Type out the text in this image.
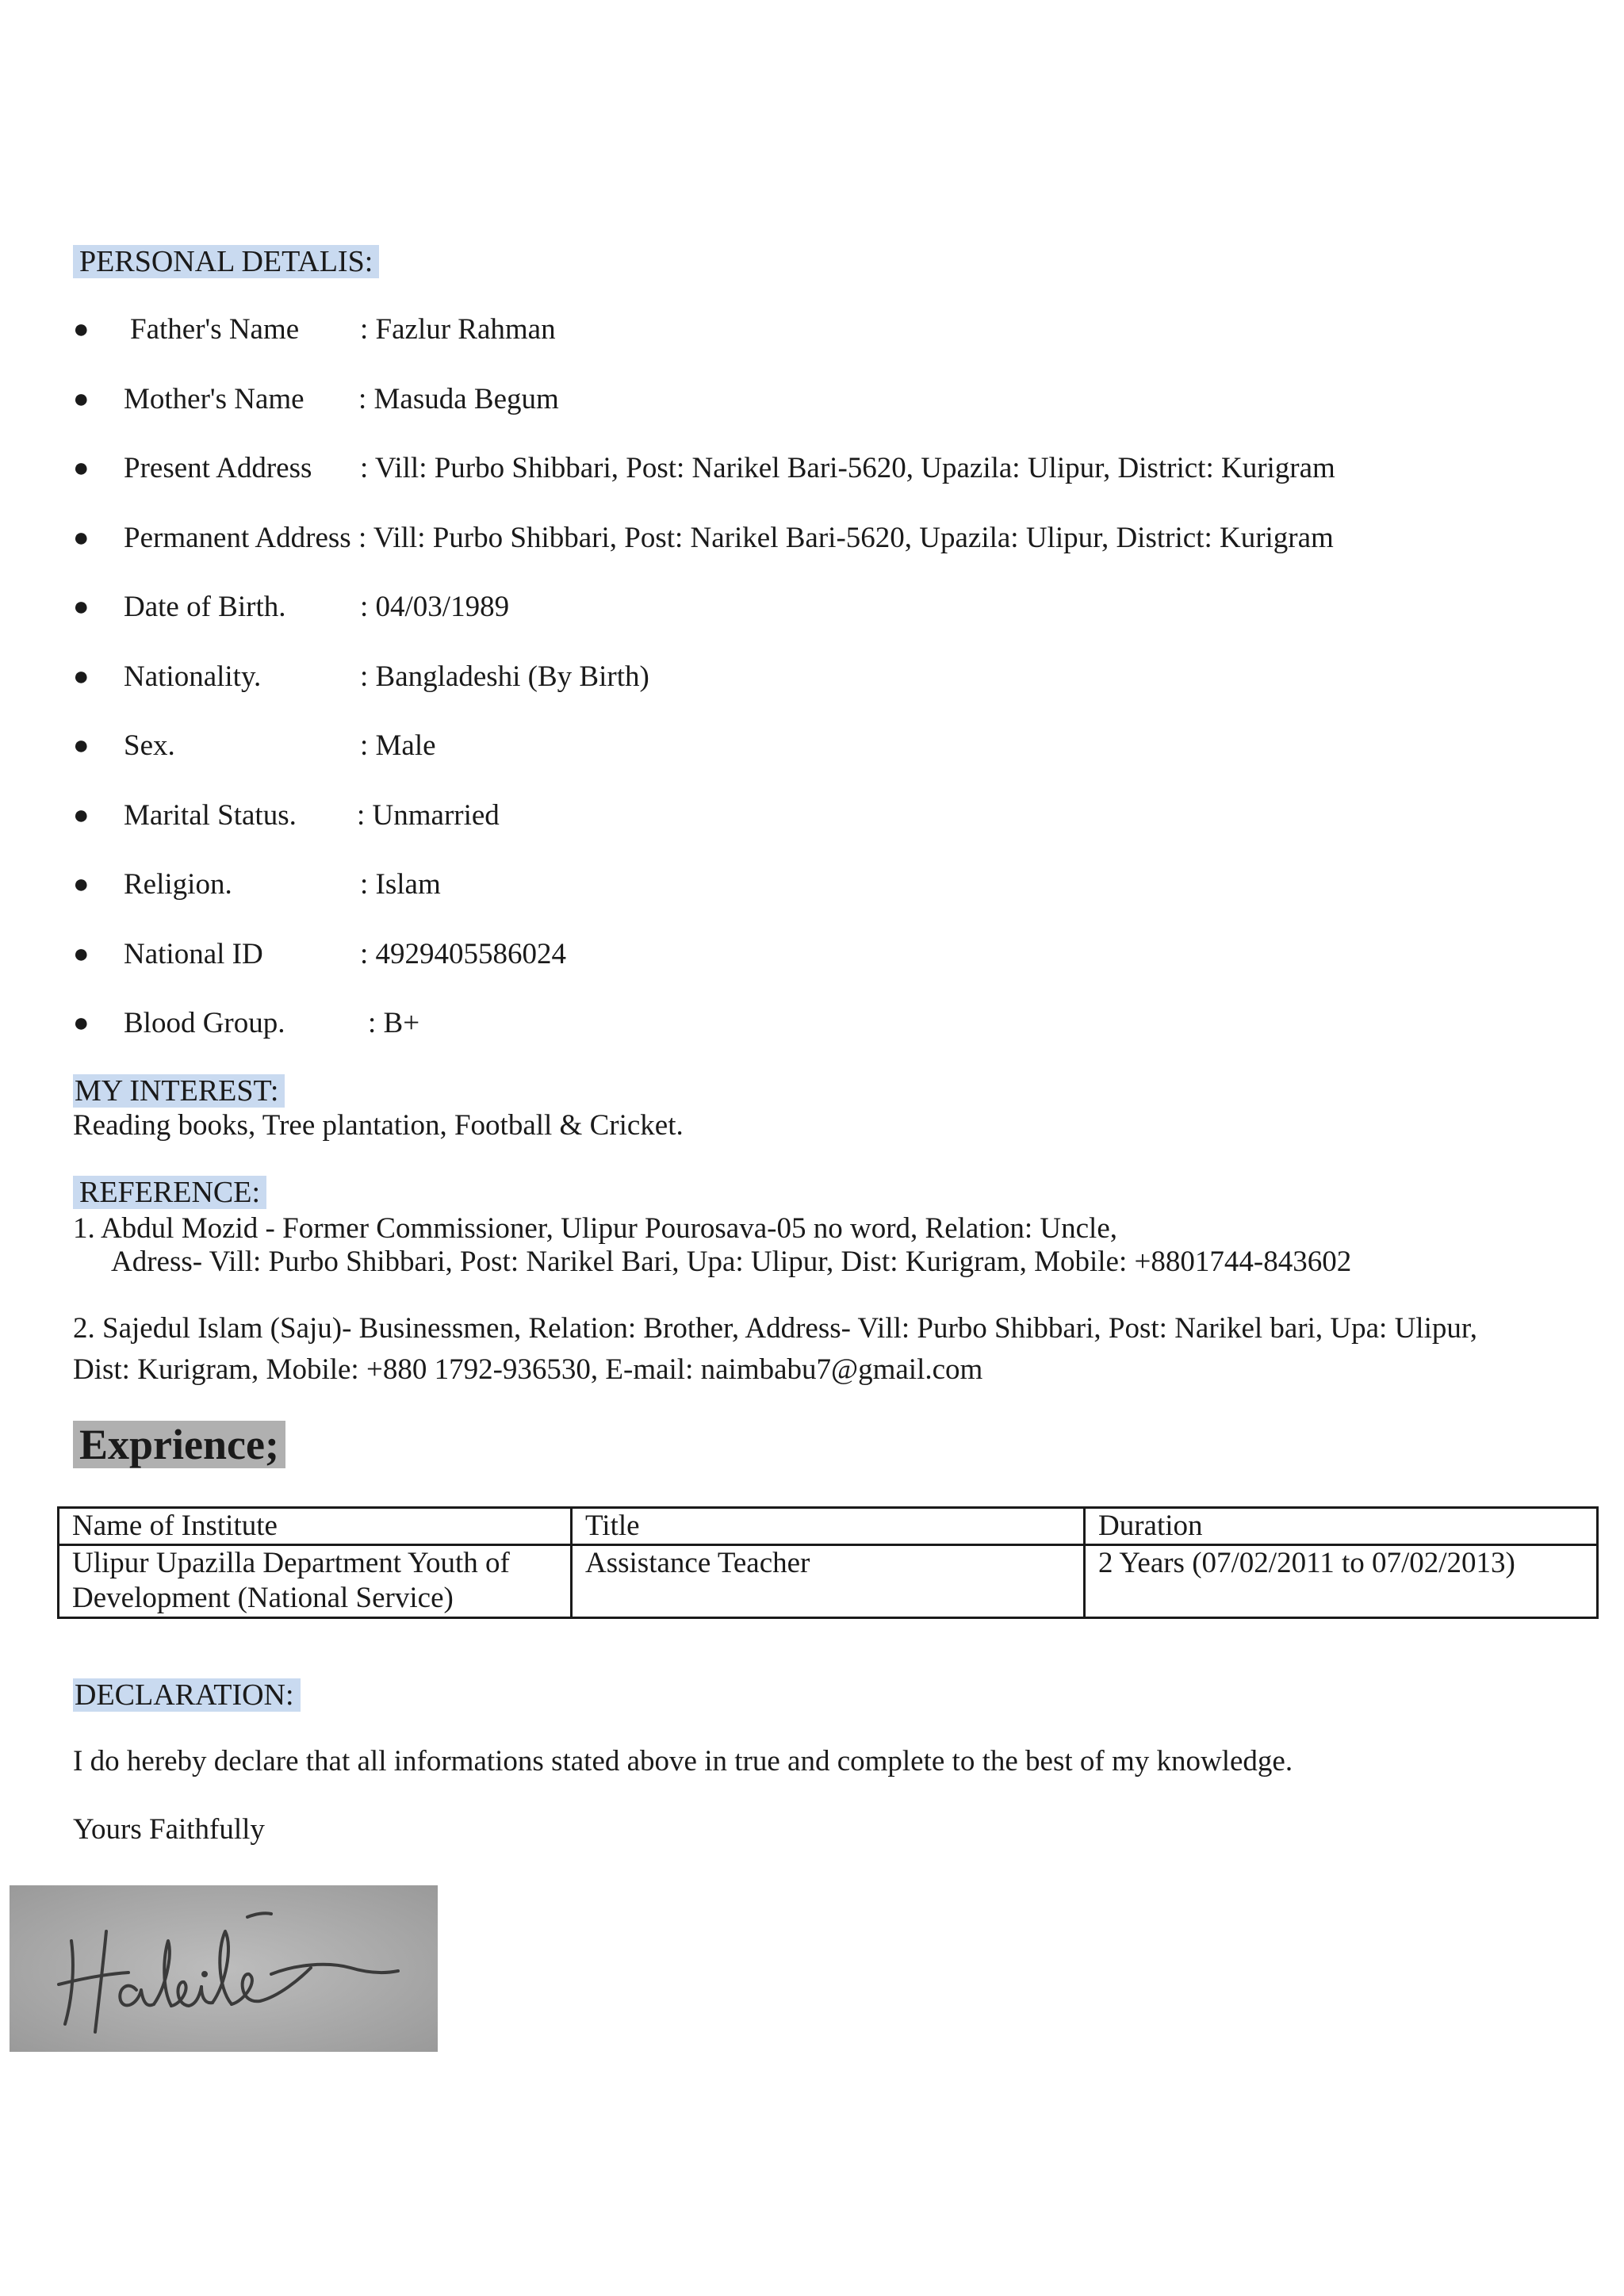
PERSONAL DETALIS:
● Father's Name : Fazlur Rahman
● Mother's Name : Masuda Begum
● Present Address : Vill: Purbo Shibbari, Post: Narikel Bari-5620, Upazila: Ulipur, District: Kurigram
● Permanent Address : Vill: Purbo Shibbari, Post: Narikel Bari-5620, Upazila: Ulipur, District: Kurigram
● Date of Birth.	: 04/03/1989
● Nationality.	: Bangladeshi (By Birth)
● Sex.	: Male
● Marital Status. : Unmarried
● Religion.	: Islam
● National ID	: 4929405586024
● Blood Group.	: B+
MY INTEREST:
Reading books, Tree plantation, Football & Cricket.
REFERENCE:
1. Abdul Mozid - Former Commissioner, Ulipur Pourosava-05 no word, Relation: Uncle,
Adress- Vill: Purbo Shibbari, Post: Narikel Bari, Upa: Ulipur, Dist: Kurigram, Mobile: +8801744-843602
2. Sajedul Islam (Saju)- Businessmen, Relation: Brother, Address- Vill: Purbo Shibbari, Post: Narikel bari, Upa: Ulipur,
Dist: Kurigram, Mobile: +880 1792-936530, E-mail: naimbabu7@gmail.com
Exprience;
Name of Institute	Title	Duration

Ulipur Upazilla Department Youth of
Development (National Service)	Assistance Teacher	2 Years (07/02/2011 to 07/02/2013)
DECLARATION:
I do hereby declare that all informations stated above in true and complete to the best of my knowledge.
Yours Faithfully
